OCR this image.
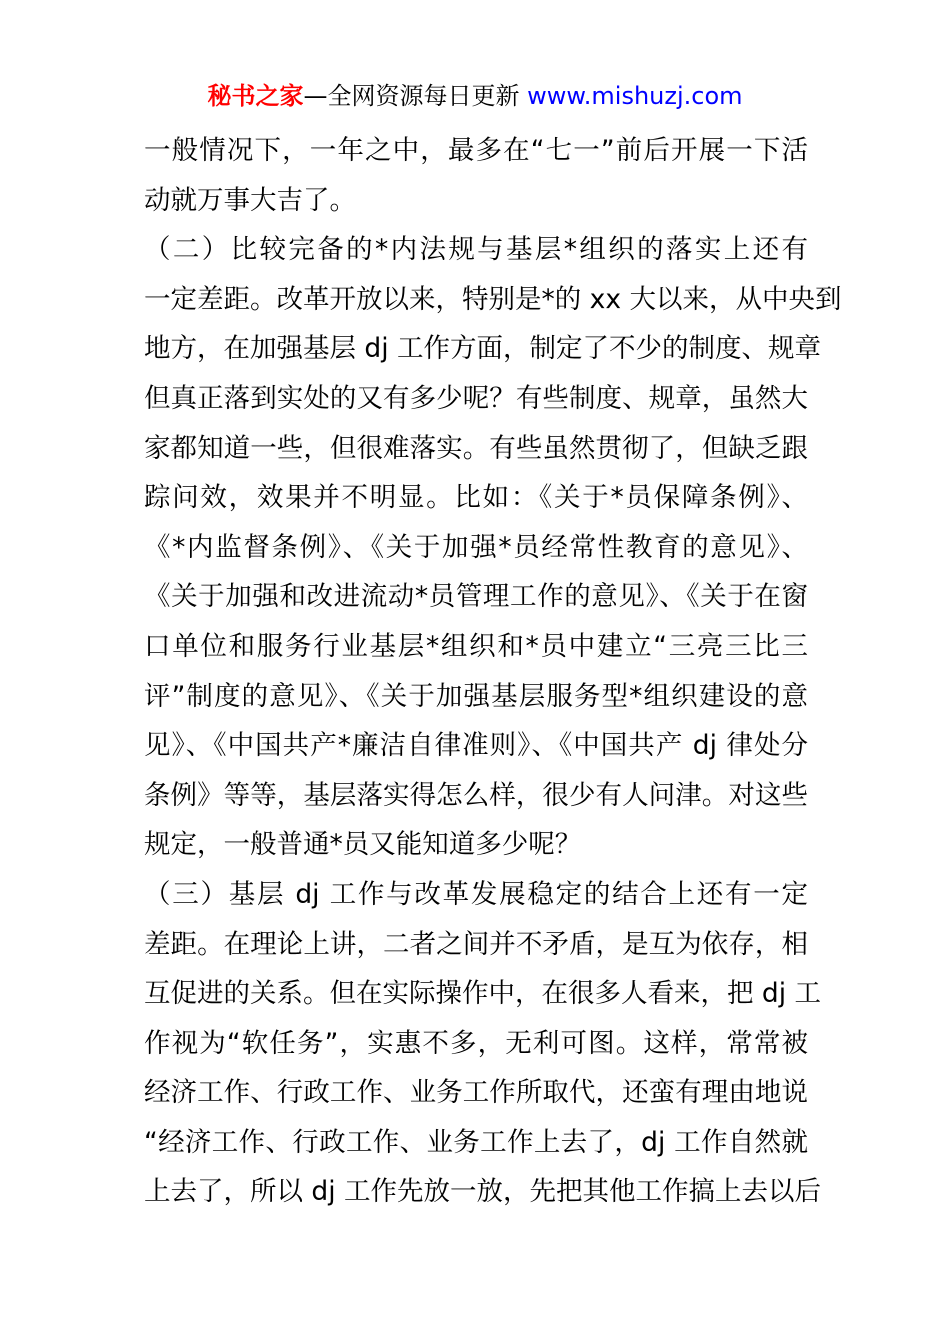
秘书之家—全网资源每日更新 www.mishuzj.com
一般情况下，一年之中，最多在“七一”前后开展一下活
动就万事大吉了。
（二）比较完备的*内法规与基层*组织的落实上还有
一定差距。改革开放以来，特别是*的 xx 大以来，从中央到
地方，在加强基层 dj 工作方面，制定了不少的制度、规章
但真正落到实处的又有多少呢？有些制度、规章，虽然大
家都知道一些，但很难落实。有些虽然贯彻了，但缺乏跟
踪问效，效果并不明显。比如：《关于*员保障条例》、
《*内监督条例》、《关于加强*员经常性教育的意见》、
《关于加强和改进流动*员管理工作的意见》、《关于在窗
口单位和服务行业基层*组织和*员中建立“三亮三比三
评”制度的意见》、《关于加强基层服务型*组织建设的意
见》、《中国共产*廉洁自律准则》、《中国共产 dj 律处分
条例》等等，基层落实得怎么样，很少有人问津。对这些
规定，一般普通*员又能知道多少呢？
（三）基层 dj 工作与改革发展稳定的结合上还有一定
差距。在理论上讲，二者之间并不矛盾，是互为依存，相
互促进的关系。但在实际操作中，在很多人看来，把 dj 工
作视为“软任务”，实惠不多，无利可图。这样，常常被
经济工作、行政工作、业务工作所取代，还蛮有理由地说
“经济工作、行政工作、业务工作上去了，dj 工作自然就
上去了，所以 dj 工作先放一放，先把其他工作搞上去以后
